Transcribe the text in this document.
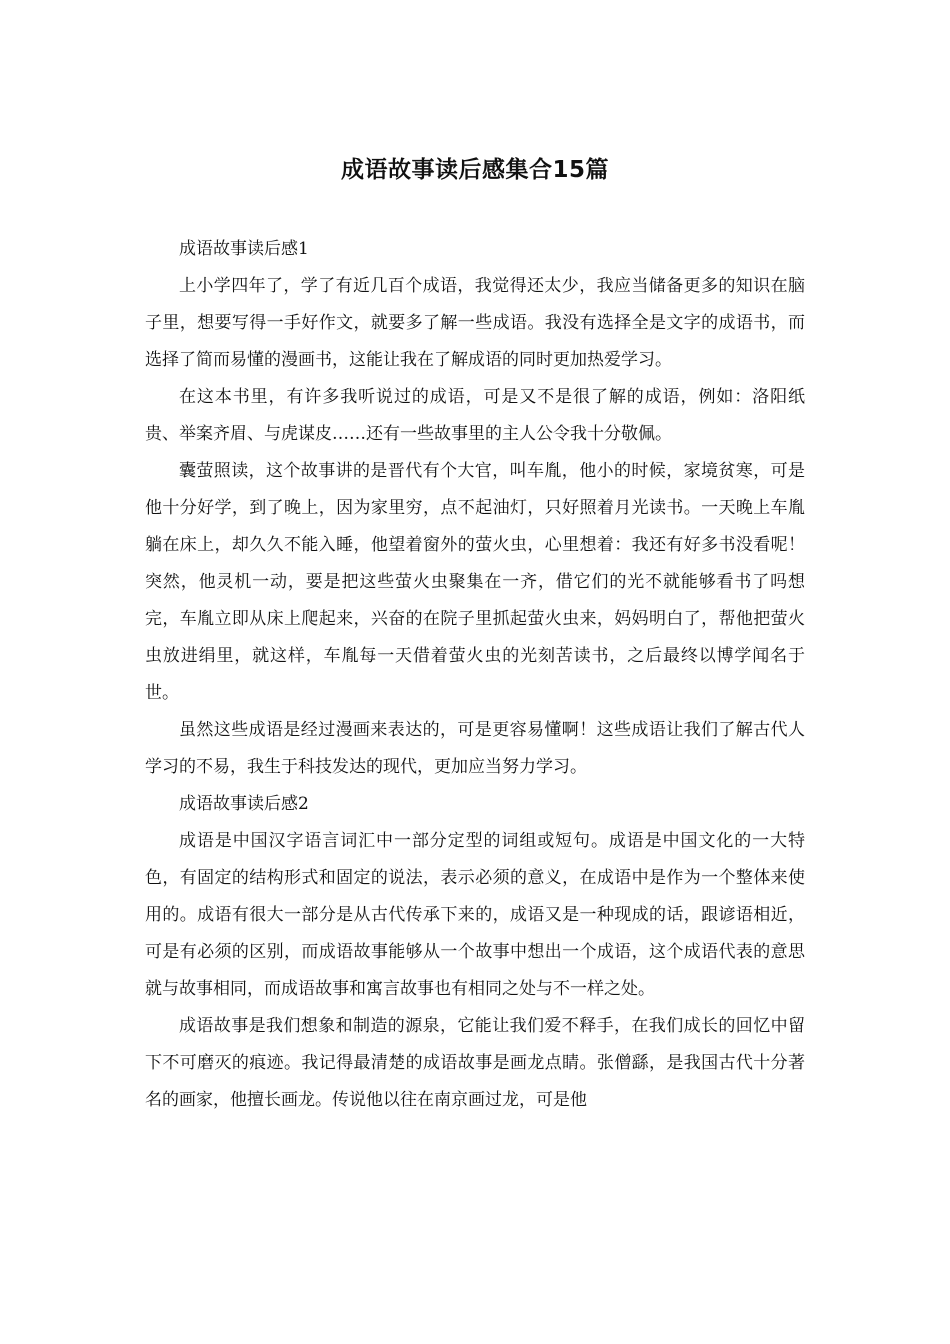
成语故事读后感集合15篇

成语故事读后感1

上小学四年了，学了有近几百个成语，我觉得还太少，我应当储备更多的知识在脑子里，想要写得一手好作文，就要多了解一些成语。我没有选择全是文字的成语书，而选择了简而易懂的漫画书，这能让我在了解成语的同时更加热爱学习。

在这本书里，有许多我听说过的成语，可是又不是很了解的成语，例如：洛阳纸贵、举案齐眉、与虎谋皮……还有一些故事里的主人公令我十分敬佩。

囊萤照读，这个故事讲的是晋代有个大官，叫车胤，他小的时候，家境贫寒，可是他十分好学，到了晚上，因为家里穷，点不起油灯，只好照着月光读书。一天晚上车胤躺在床上，却久久不能入睡，他望着窗外的萤火虫，心里想着：我还有好多书没看呢！突然，他灵机一动，要是把这些萤火虫聚集在一齐，借它们的光不就能够看书了吗想完，车胤立即从床上爬起来，兴奋的在院子里抓起萤火虫来，妈妈明白了，帮他把萤火虫放进绢里，就这样，车胤每一天借着萤火虫的光刻苦读书，之后最终以博学闻名于世。

虽然这些成语是经过漫画来表达的，可是更容易懂啊！这些成语让我们了解古代人学习的不易，我生于科技发达的现代，更加应当努力学习。

成语故事读后感2

成语是中国汉字语言词汇中一部分定型的词组或短句。成语是中国文化的一大特色，有固定的结构形式和固定的说法，表示必须的意义，在成语中是作为一个整体来使用的。成语有很大一部分是从古代传承下来的，成语又是一种现成的话，跟谚语相近，可是有必须的区别，而成语故事能够从一个故事中想出一个成语，这个成语代表的意思就与故事相同，而成语故事和寓言故事也有相同之处与不一样之处。

成语故事是我们想象和制造的源泉，它能让我们爱不释手，在我们成长的回忆中留下不可磨灭的痕迹。我记得最清楚的成语故事是画龙点睛。张僧繇，是我国古代十分著名的画家，他擅长画龙。传说他以往在南京画过龙，可是他
